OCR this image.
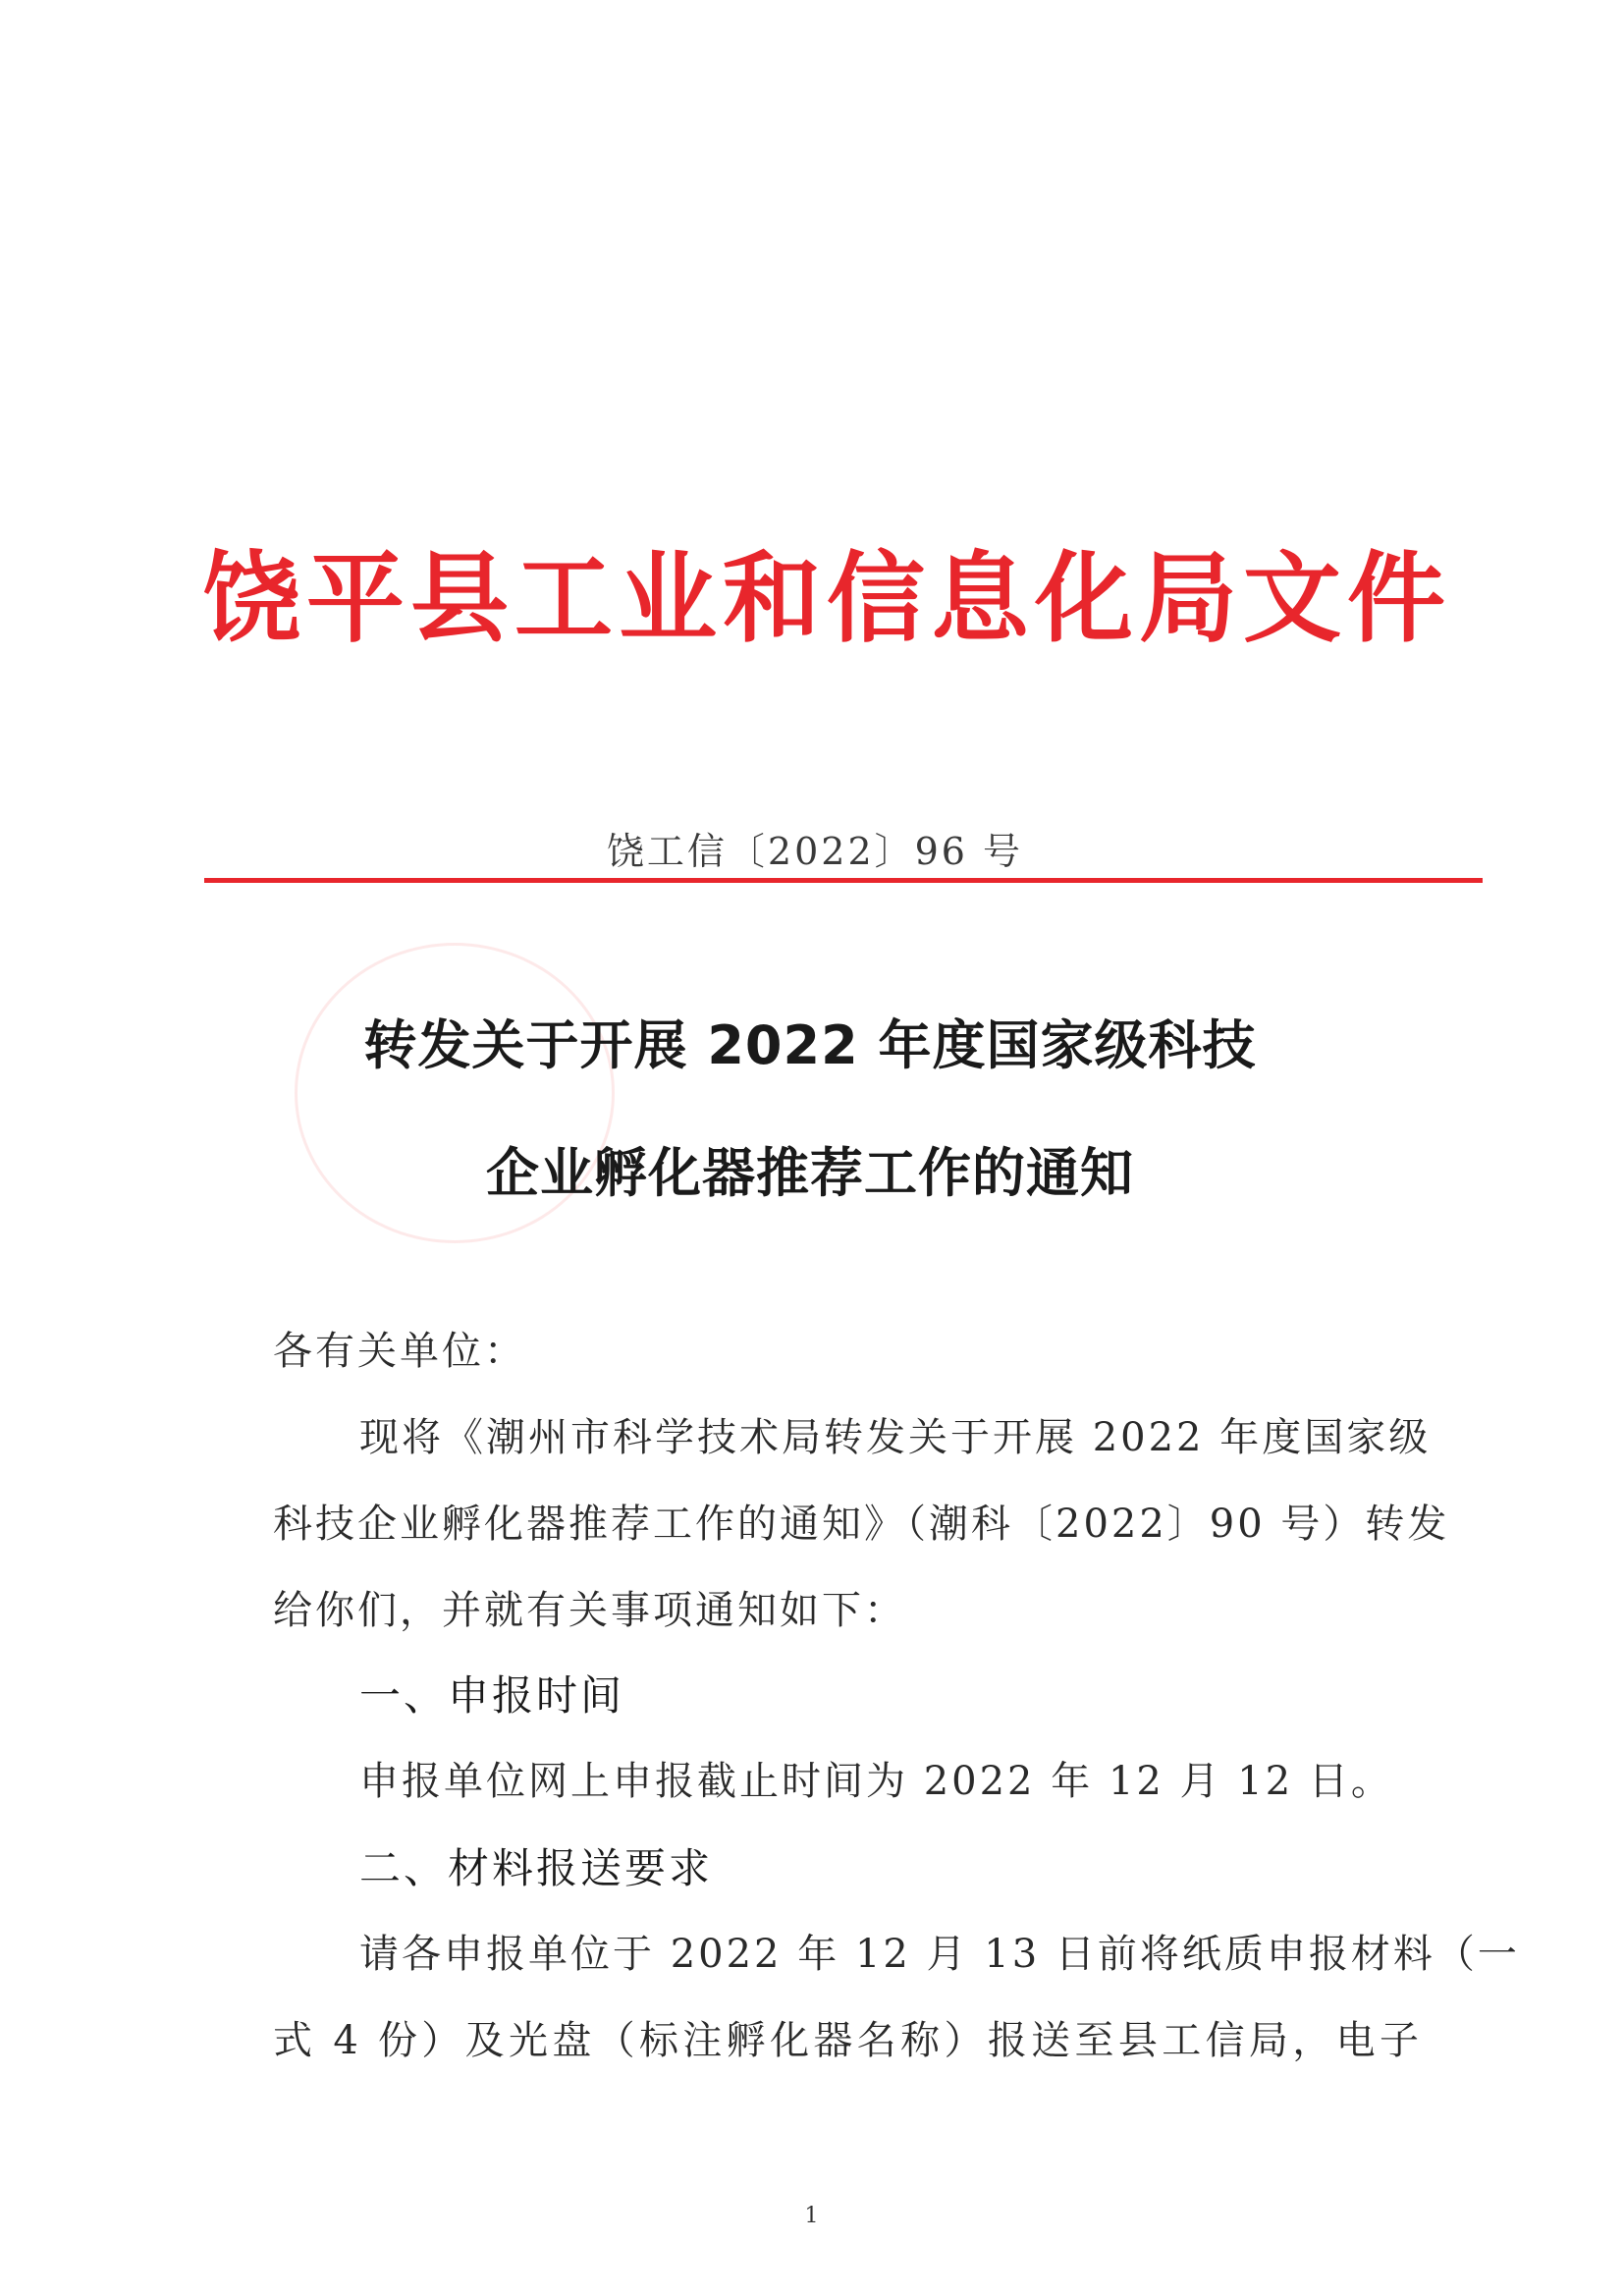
饶平县工业和信息化局文件
饶工信〔2022〕96 号
转发关于开展 2022 年度国家级科技
企业孵化器推荐工作的通知
各有关单位：
现将《潮州市科学技术局转发关于开展 2022 年度国家级
科技企业孵化器推荐工作的通知》（潮科〔2022〕90 号）转发
给你们，并就有关事项通知如下：
一、申报时间
申报单位网上申报截止时间为 2022 年 12 月 12 日。
二、材料报送要求
请各申报单位于 2022 年 12 月 13 日前将纸质申报材料（一
式 4 份）及光盘（标注孵化器名称）报送至县工信局，电子
1
